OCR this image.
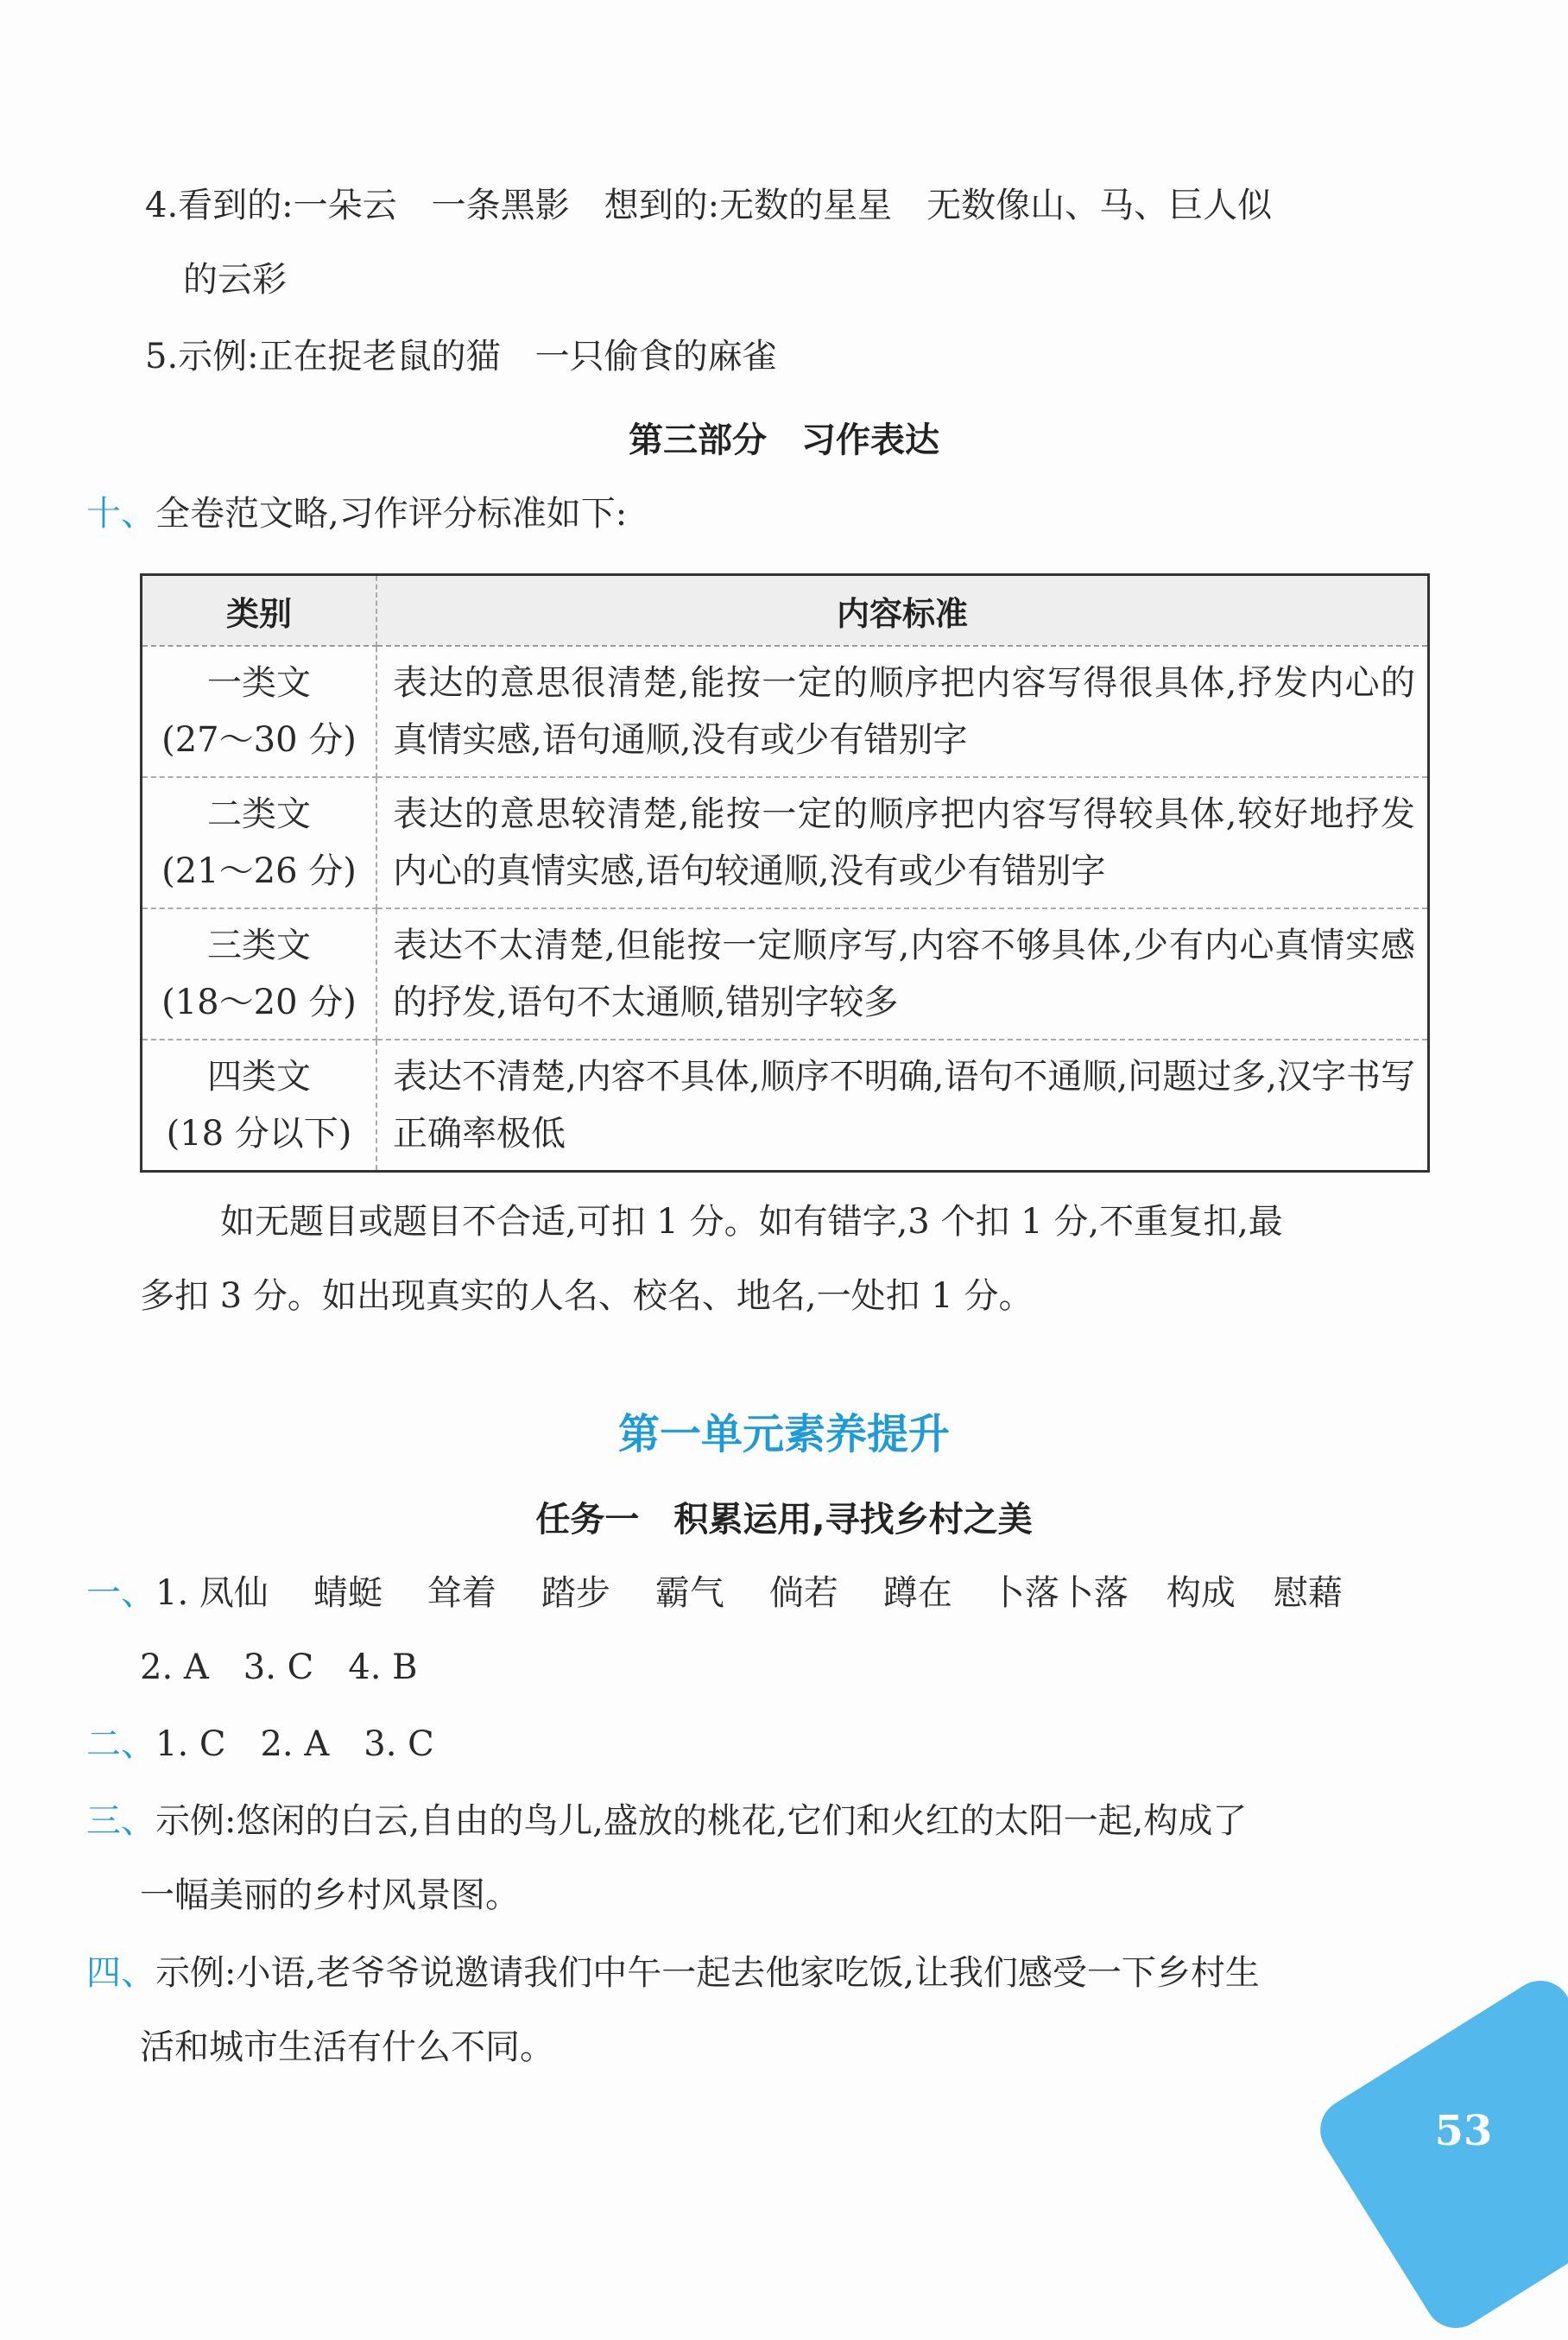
4.看到的:一朵云　一条黑影　想到的:无数的星星　无数像山、马、巨人似
的云彩
5.示例:正在捉老鼠的猫　一只偷食的麻雀
第三部分　习作表达
十、全卷范文略,习作评分标准如下:
类别	内容标准

一类文
(27～30 分)	表达的意思很清楚,能按一定的顺序把内容写得很具体,抒发内心的真情实感,语句通顺,没有或少有错别字

二类文
(21～26 分)	表达的意思较清楚,能按一定的顺序把内容写得较具体,较好地抒发内心的真情实感,语句较通顺,没有或少有错别字

三类文
(18～20 分)	表达不太清楚,但能按一定顺序写,内容不够具体,少有内心真情实感的抒发,语句不太通顺,错别字较多

四类文
(18 分以下)	表达不清楚,内容不具体,顺序不明确,语句不通顺,问题过多,汉字书写正确率极低
如无题目或题目不合适,可扣 1 分。如有错字,3 个扣 1 分,不重复扣,最
多扣 3 分。如出现真实的人名、校名、地名,一处扣 1 分。
第一单元素养提升
任务一　积累运用,寻找乡村之美
一、1. 凤仙 蜻蜓 耸着 踏步 霸气 倘若 蹲在 卜落卜落 构成 慰藉
2. A　3. C　4. B
二、1. C　2. A　3. C
三、示例:悠闲的白云,自由的鸟儿,盛放的桃花,它们和火红的太阳一起,构成了
一幅美丽的乡村风景图。
四、示例:小语,老爷爷说邀请我们中午一起去他家吃饭,让我们感受一下乡村生
活和城市生活有什么不同。
53
